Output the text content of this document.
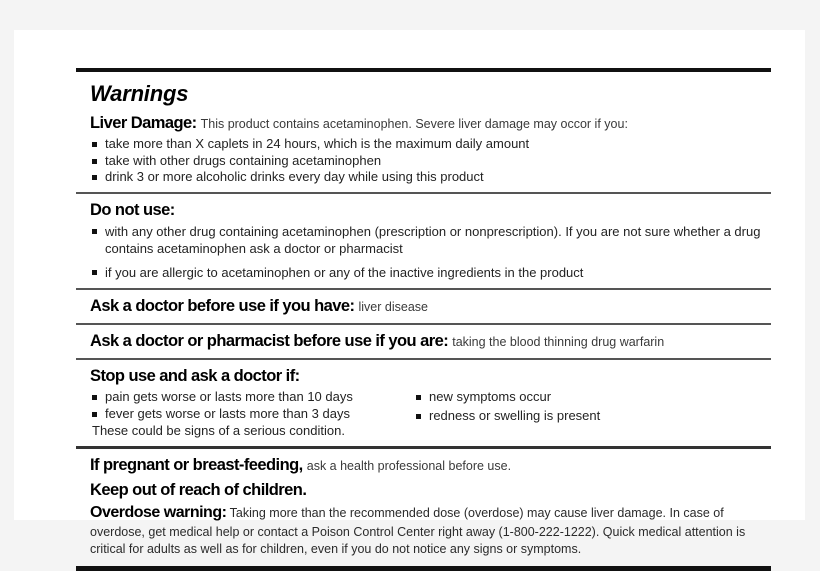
Warnings
Liver Damage: This product contains acetaminophen. Severe liver damage may occor if you:
take more than X caplets in 24 hours, which is the maximum daily amount
take with other drugs containing acetaminophen
drink 3 or more alcoholic drinks every day while using this product
Do not use:
with any other drug containing acetaminophen (prescription or nonprescription). If you are not sure whether a drug contains acetaminophen ask a doctor or pharmacist
if you are allergic to acetaminophen or any of the inactive ingredients in the product
Ask a doctor before use if you have: liver disease
Ask a doctor or pharmacist before use if you are: taking the blood thinning drug warfarin
Stop use and ask a doctor if:
pain gets worse or lasts more than 10 days
fever gets worse or lasts more than 3 days
These could be signs of a serious condition.
new symptoms occur
redness or swelling is present
If pregnant or breast-feeding, ask a health professional before use.
Keep out of reach of children.
Overdose warning: Taking more than the recommended dose (overdose) may cause liver damage. In case of overdose, get medical help or contact a Poison Control Center right away (1-800-222-1222). Quick medical attention is critical for adults as well as for children, even if you do not notice any signs or symptoms.
